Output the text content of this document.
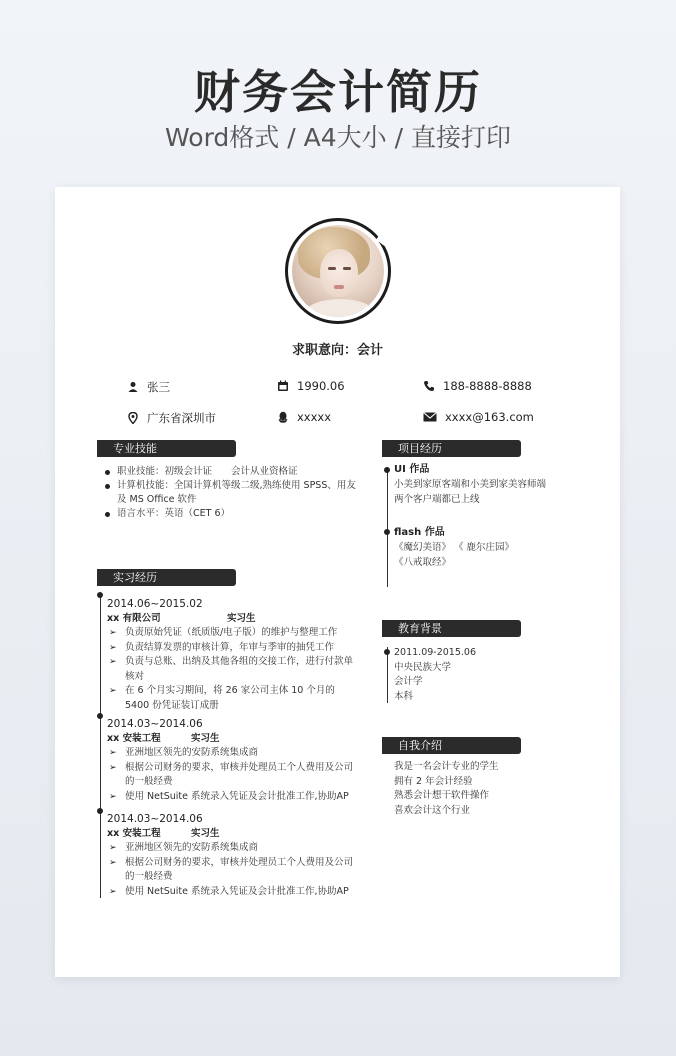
财务会计简历
Word格式 / A4大小 / 直接打印
求职意向：会计
张三	1990.06	188-8888-8888
广东省深圳市	xxxxx	xxxx@163.com
专业技能
职业技能：初级会计证　　会计从业资格证
计算机技能：全国计算机等级二级,熟练使用 SPSS、用友及 MS Office 软件
语言水平：英语（CET 6）
实习经历
2014.06~2015.02
xx 有限公司	实习生
➢ 负责原始凭证（纸质版/电子版）的维护与整理工作
➢ 负责结算发票的审核计算，年审与季审的抽凭工作
➢ 负责与总账、出纳及其他各组的交接工作，进行付款单核对
➢ 在 6 个月实习期间，将 26 家公司主体 10 个月的 5400 份凭证装订成册
2014.03~2014.06
xx 安装工程	实习生
➢ 亚洲地区领先的安防系统集成商
➢ 根据公司财务的要求，审核并处理员工个人费用及公司的一般经费
➢ 使用 NetSuite 系统录入凭证及会计批准工作,协助AP
2014.03~2014.06
xx 安装工程	实习生
➢ 亚洲地区领先的安防系统集成商
➢ 根据公司财务的要求，审核并处理员工个人费用及公司的一般经费
➢ 使用 NetSuite 系统录入凭证及会计批准工作,协助AP
项目经历
UI 作品
小美到家原客端和小美到家美容师端
两个客户端都已上线
flash 作品
《魔幻美语》 《 鹿尔庄园》
《八戒取经》
教育背景
2011.09-2015.06
中央民族大学
会计学
本科
自我介绍
我是一名会计专业的学生
拥有 2 年会计经验
熟悉会计想干软件操作
喜欢会计这个行业
